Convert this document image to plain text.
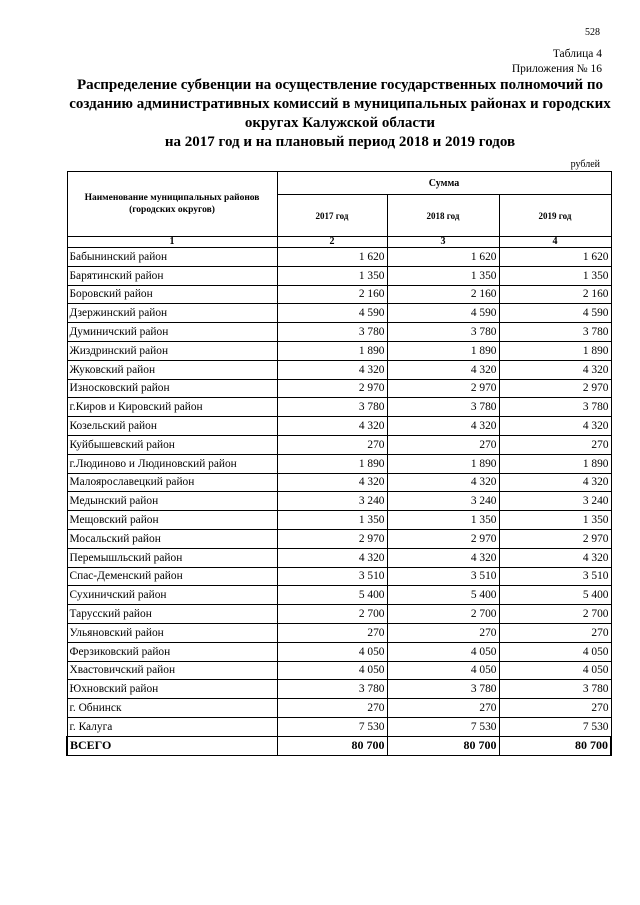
528
Таблица 4
Приложения № 16
Распределение субвенции на осуществление государственных полномочий по
созданию административных комиссий в муниципальных районах и городских
округах Калужской области
на 2017 год и на плановый период 2018 и 2019 годов
рублей
Наименование муниципальных районов (городских округов)	Сумма		
	2017 год	2018 год	2019 год
1	2	3	4
Бабынинский район	1 620	1 620	1 620
Барятинский район	1 350	1 350	1 350
Боровский район	2 160	2 160	2 160
Дзержинский район	4 590	4 590	4 590
Думиничский район	3 780	3 780	3 780
Жиздринский район	1 890	1 890	1 890
Жуковский район	4 320	4 320	4 320
Износковский район	2 970	2 970	2 970
г.Киров и Кировский район	3 780	3 780	3 780
Козельский район	4 320	4 320	4 320
Куйбышевский район	270	270	270
г.Людиново и Людиновский район	1 890	1 890	1 890
Малоярославецкий район	4 320	4 320	4 320
Медынский район	3 240	3 240	3 240
Мещовский район	1 350	1 350	1 350
Мосальский район	2 970	2 970	2 970
Перемышльский район	4 320	4 320	4 320
Спас-Деменский район	3 510	3 510	3 510
Сухиничский район	5 400	5 400	5 400
Тарусский район	2 700	2 700	2 700
Ульяновский район	270	270	270
Ферзиковский район	4 050	4 050	4 050
Хвастовичский район	4 050	4 050	4 050
Юхновский район	3 780	3 780	3 780
г. Обнинск	270	270	270
г. Калуга	7 530	7 530	7 530
ВСЕГО	80 700	80 700	80 700
